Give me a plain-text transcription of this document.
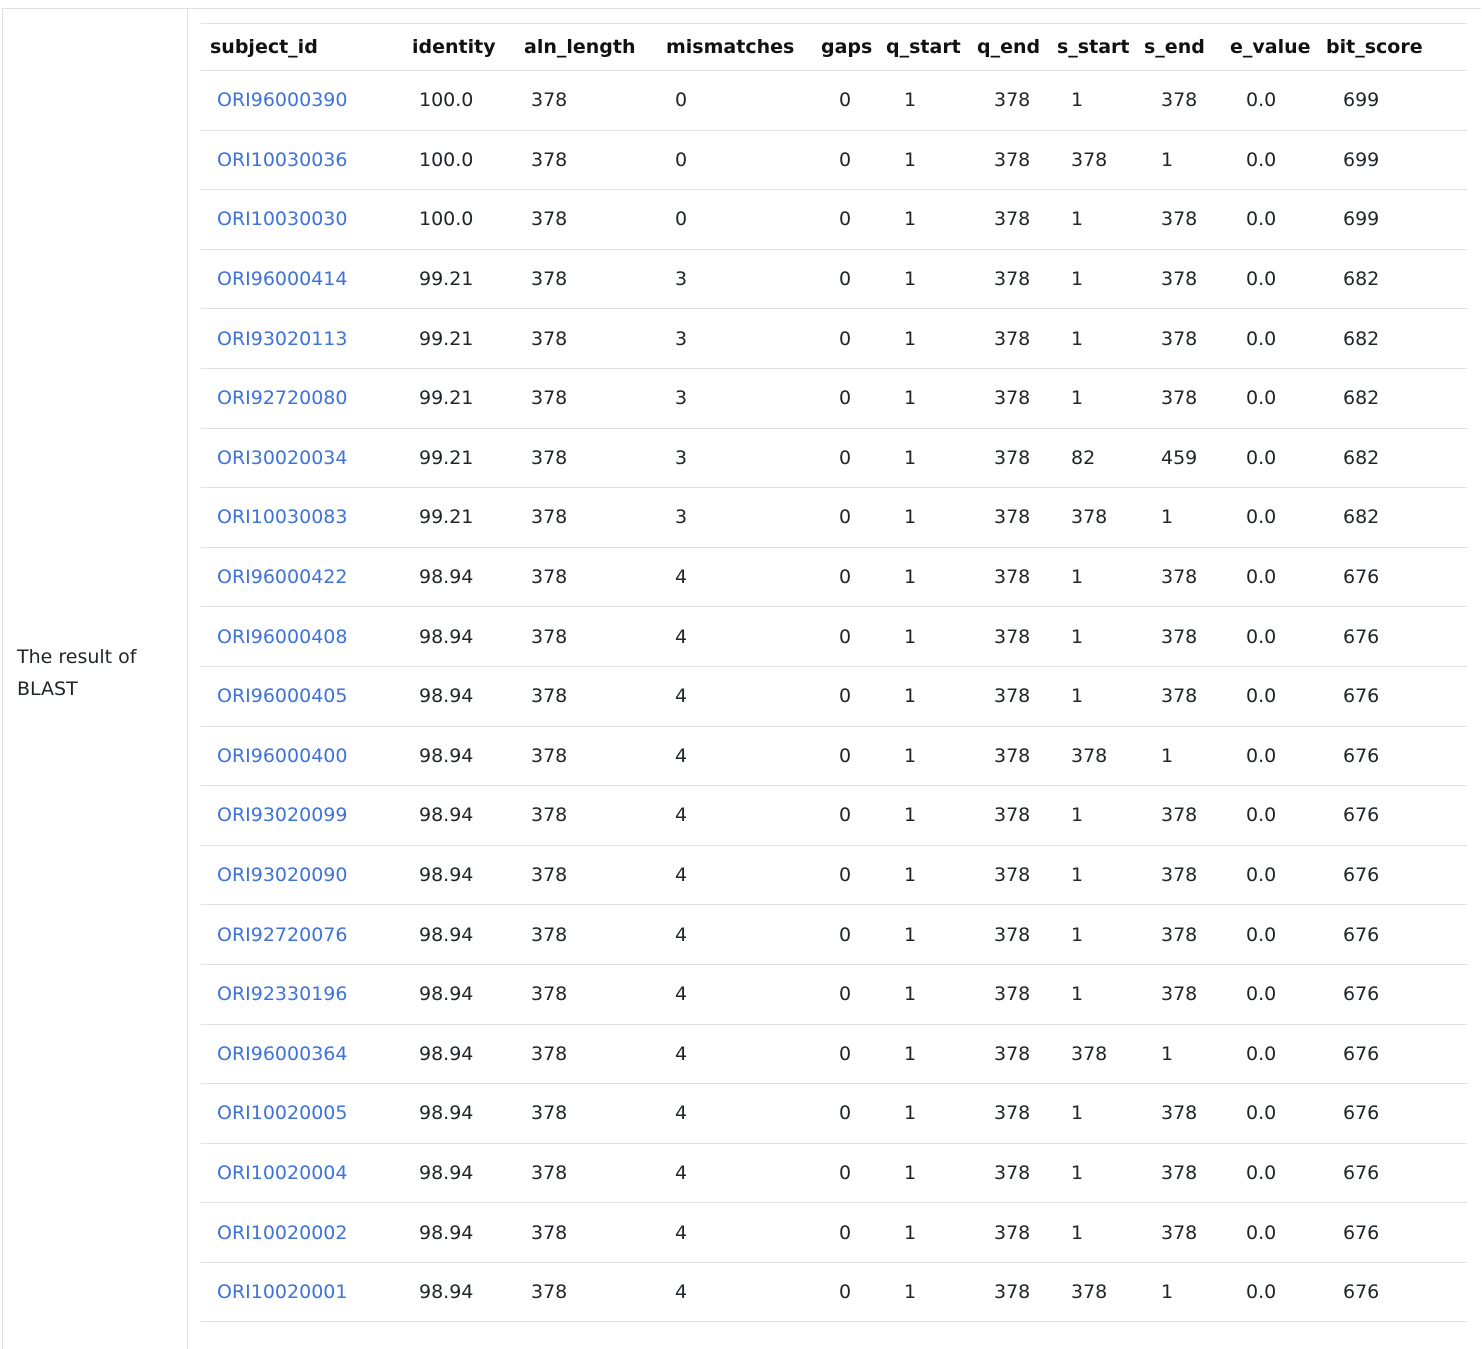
The result of BLAST
subject_id	identity	aln_length	mismatches	gaps	q_start	q_end	s_start	s_end	e_value	bit_score
ORI96000390	100.0	378	0	0	1	378	1	378	0.0	699
ORI10030036	100.0	378	0	0	1	378	378	1	0.0	699
ORI10030030	100.0	378	0	0	1	378	1	378	0.0	699
ORI96000414	99.21	378	3	0	1	378	1	378	0.0	682
ORI93020113	99.21	378	3	0	1	378	1	378	0.0	682
ORI92720080	99.21	378	3	0	1	378	1	378	0.0	682
ORI30020034	99.21	378	3	0	1	378	82	459	0.0	682
ORI10030083	99.21	378	3	0	1	378	378	1	0.0	682
ORI96000422	98.94	378	4	0	1	378	1	378	0.0	676
ORI96000408	98.94	378	4	0	1	378	1	378	0.0	676
ORI96000405	98.94	378	4	0	1	378	1	378	0.0	676
ORI96000400	98.94	378	4	0	1	378	378	1	0.0	676
ORI93020099	98.94	378	4	0	1	378	1	378	0.0	676
ORI93020090	98.94	378	4	0	1	378	1	378	0.0	676
ORI92720076	98.94	378	4	0	1	378	1	378	0.0	676
ORI92330196	98.94	378	4	0	1	378	1	378	0.0	676
ORI96000364	98.94	378	4	0	1	378	378	1	0.0	676
ORI10020005	98.94	378	4	0	1	378	1	378	0.0	676
ORI10020004	98.94	378	4	0	1	378	1	378	0.0	676
ORI10020002	98.94	378	4	0	1	378	1	378	0.0	676
ORI10020001	98.94	378	4	0	1	378	378	1	0.0	676
